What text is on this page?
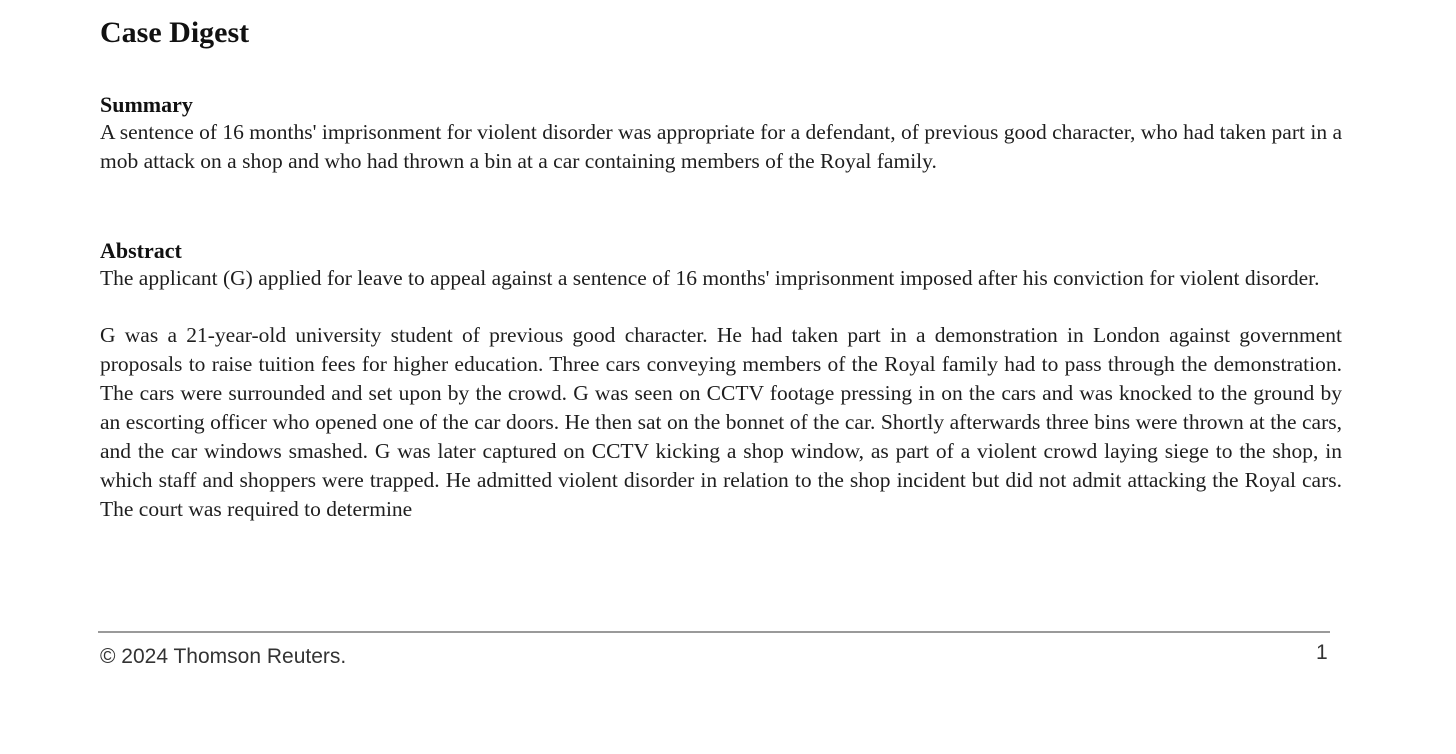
Case Digest
Summary

A sentence of 16 months' imprisonment for violent disorder was appropriate for a defendant, of previous good character, who had taken part in a mob attack on a shop and who had thrown a bin at a car containing members of the Royal family.

Abstract

The applicant (G) applied for leave to appeal against a sentence of 16 months' imprisonment imposed after his conviction for violent disorder.

G was a 21-year-old university student of previous good character. He had taken part in a demonstration in London against government proposals to raise tuition fees for higher education. Three cars conveying members of the Royal family had to pass through the demonstration. The cars were surrounded and set upon by the crowd. G was seen on CCTV footage pressing in on the cars and was knocked to the ground by an escorting officer who opened one of the car doors. He then sat on the bonnet of the car. Shortly afterwards three bins were thrown at the cars, and the car windows smashed. G was later captured on CCTV kicking a shop window, as part of a violent crowd laying siege to the shop, in which staff and shoppers were trapped. He admitted violent disorder in relation to the shop incident but did not admit attacking the Royal cars. The court was required to determine

© 2024 Thomson Reuters.	1
